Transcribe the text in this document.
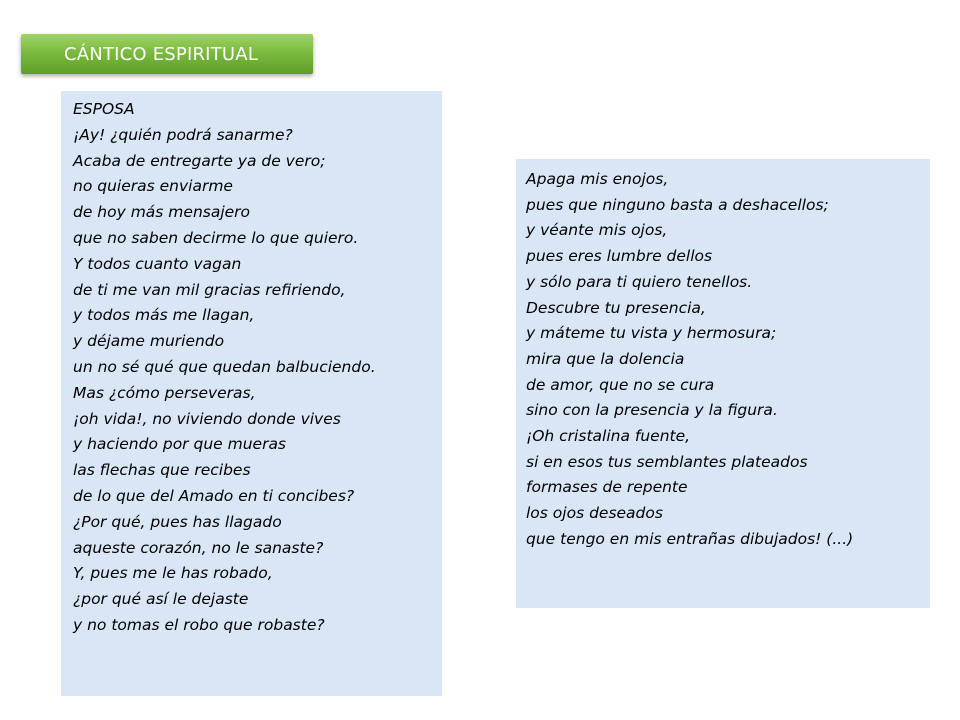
CÁNTICO ESPIRITUAL
ESPOSA
¡Ay! ¿quién podrá sanarme?
Acaba de entregarte ya de vero;
no quieras enviarme
de hoy más mensajero
que no saben decirme lo que quiero.
Y todos cuanto vagan
de ti me van mil gracias refiriendo,
y todos más me llagan,
y déjame muriendo
un no sé qué que quedan balbuciendo.
Mas ¿cómo perseveras,
¡oh vida!, no viviendo donde vives
y haciendo por que mueras
las flechas que recibes
de lo que del Amado en ti concibes?
¿Por qué, pues has llagado
aqueste corazón, no le sanaste?
Y, pues me le has robado,
¿por qué así le dejaste
y no tomas el robo que robaste?
Apaga mis enojos,
pues que ninguno basta a deshacellos;
y véante mis ojos,
pues eres lumbre dellos
y sólo para ti quiero tenellos.
Descubre tu presencia,
y máteme tu vista y hermosura;
mira que la dolencia
de amor, que no se cura
sino con la presencia y la figura.
¡Oh cristalina fuente,
si en esos tus semblantes plateados
formases de repente
los ojos deseados
que tengo en mis entrañas dibujados! (...)
